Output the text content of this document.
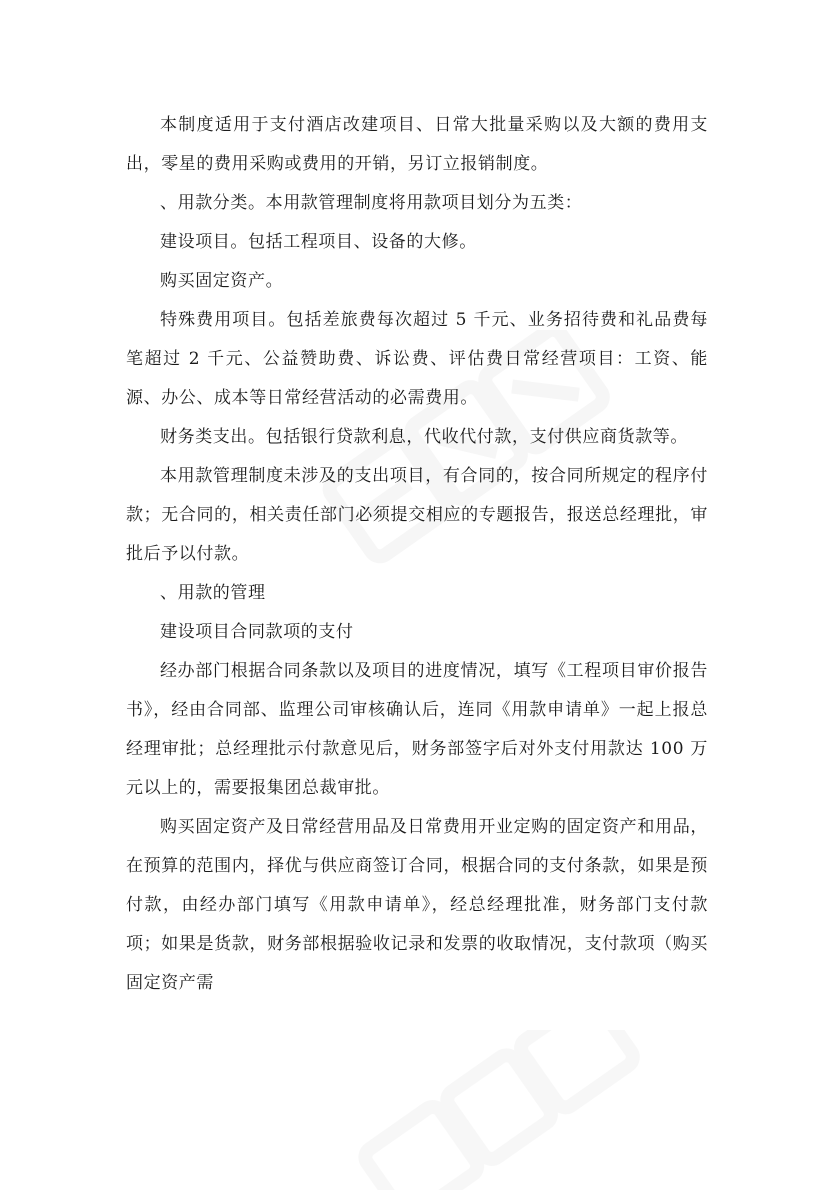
本制度适用于支付酒店改建项目、日常大批量采购以及大额的费用支出，零星的费用采购或费用的开销，另订立报销制度。

、用款分类。本用款管理制度将用款项目划分为五类：

建设项目。包括工程项目、设备的大修。

购买固定资产。

特殊费用项目。包括差旅费每次超过 5 千元、业务招待费和礼品费每笔超过 2 千元、公益赞助费、诉讼费、评估费日常经营项目：工资、能源、办公、成本等日常经营活动的必需费用。

财务类支出。包括银行贷款利息，代收代付款，支付供应商货款等。

本用款管理制度未涉及的支出项目，有合同的，按合同所规定的程序付款；无合同的，相关责任部门必须提交相应的专题报告，报送总经理批，审批后予以付款。

、用款的管理

建设项目合同款项的支付

经办部门根据合同条款以及项目的进度情况，填写《工程项目审价报告书》，经由合同部、监理公司审核确认后，连同《用款申请单》一起上报总经理审批；总经理批示付款意见后，财务部签字后对外支付用款达 100 万元以上的，需要报集团总裁审批。

购买固定资产及日常经营用品及日常费用开业定购的固定资产和用品，在预算的范围内，择优与供应商签订合同，根据合同的支付条款，如果是预付款，由经办部门填写《用款申请单》，经总经理批准，财务部门支付款项；如果是货款，财务部根据验收记录和发票的收取情况，支付款项（购买固定资产需
